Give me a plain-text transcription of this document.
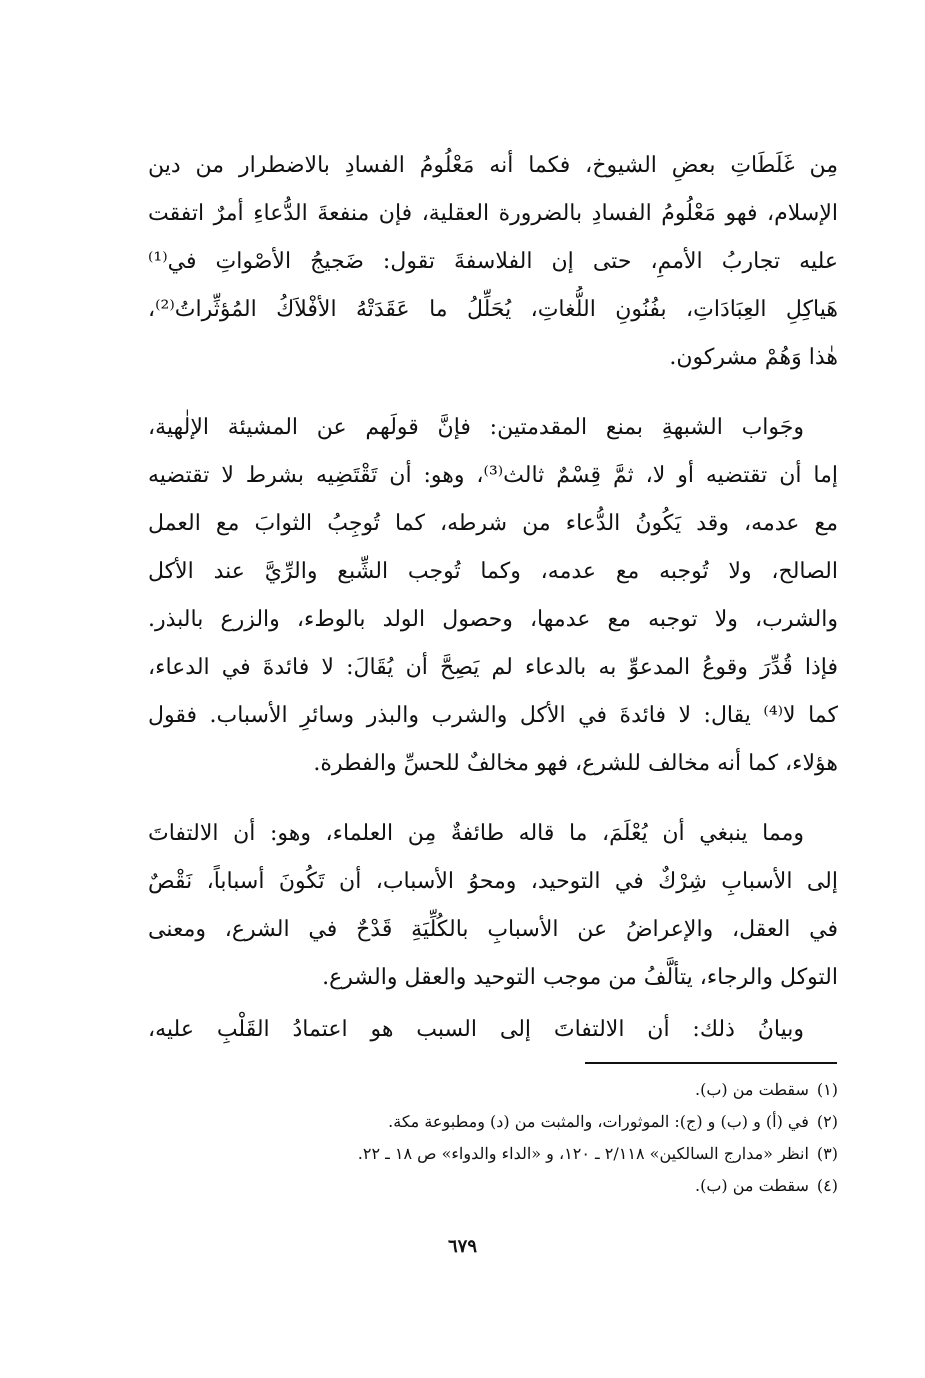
مِن غَلَطَاتِ بعضِ الشيوخ، فكما أنه مَعْلُومُ الفسادِ بالاضطرار من دين
الإسلام، فهو مَعْلُومُ الفسادِ بالضرورة العقلية، فإن منفعةَ الدُّعاءِ أمرٌ اتفقت
عليه تجاربُ الأممِ، حتى إن الفلاسفةَ تقول: ضَجيجُ الأصْواتِ في⁽¹⁾
هَياكِلِ العِبَادَاتِ، بفُنُونِ اللُّغاتِ، يُحَلِّلُ ما عَقَدَتْهُ الأفْلاَكُ المُؤثِّراتُ⁽²⁾،
هٰذا وَهُمْ مشركون.
وجَواب الشبهةِ بمنع المقدمتين: فإنَّ قولَهم عن المشيئة الإلٰهية،
إما أن تقتضيه أو لا، ثمَّ قِسْمٌ ثالث⁽³⁾، وهو: أن تَقْتَضِيه بشرط لا تقتضيه
مع عدمه، وقد يَكُونُ الدُّعاء من شرطه، كما تُوجِبُ الثوابَ مع العمل
الصالح، ولا تُوجبه مع عدمه، وكما تُوجب الشِّبع والرِّيَّ عند الأكل
والشرب، ولا توجبه مع عدمها، وحصول الولد بالوطء، والزرع بالبذر.
فإذا قُدِّرَ وقوعُ المدعوِّ به بالدعاء لم يَصِحَّ أن يُقَالَ: لا فائدةَ في الدعاء،
كما لا⁽⁴⁾ يقال: لا فائدةَ في الأكل والشرب والبذر وسائرِ الأسباب. فقول
هؤلاء، كما أنه مخالف للشرع، فهو مخالفٌ للحسِّ والفطرة.
ومما ينبغي أن يُعْلَمَ، ما قاله طائفةٌ مِن العلماء، وهو: أن الالتفاتَ
إلى الأسبابِ شِرْكٌ في التوحيد، ومحوُ الأسباب، أن تَكُونَ أسباباً، نَقْصٌ
في العقل، والإعراضُ عن الأسبابِ بالكُلِّيَةِ قَدْحٌ في الشرع، ومعنى
التوكل والرجاء، يتألَّفُ من موجب التوحيد والعقل والشرع.
وبيانُ ذلك: أن الالتفاتَ إلى السبب هو اعتمادُ القَلْبِ عليه،
(١)سقطت من (ب).
(٢)في (أ) و (ب) و (ج): الموثورات، والمثبت من (د) ومطبوعة مكة.
(٣)انظر «مدارج السالكين» ٢/١١٨ ـ ١٢٠، و «الداء والدواء» ص ١٨ ـ ٢٢.
(٤)سقطت من (ب).
٦٧٩
